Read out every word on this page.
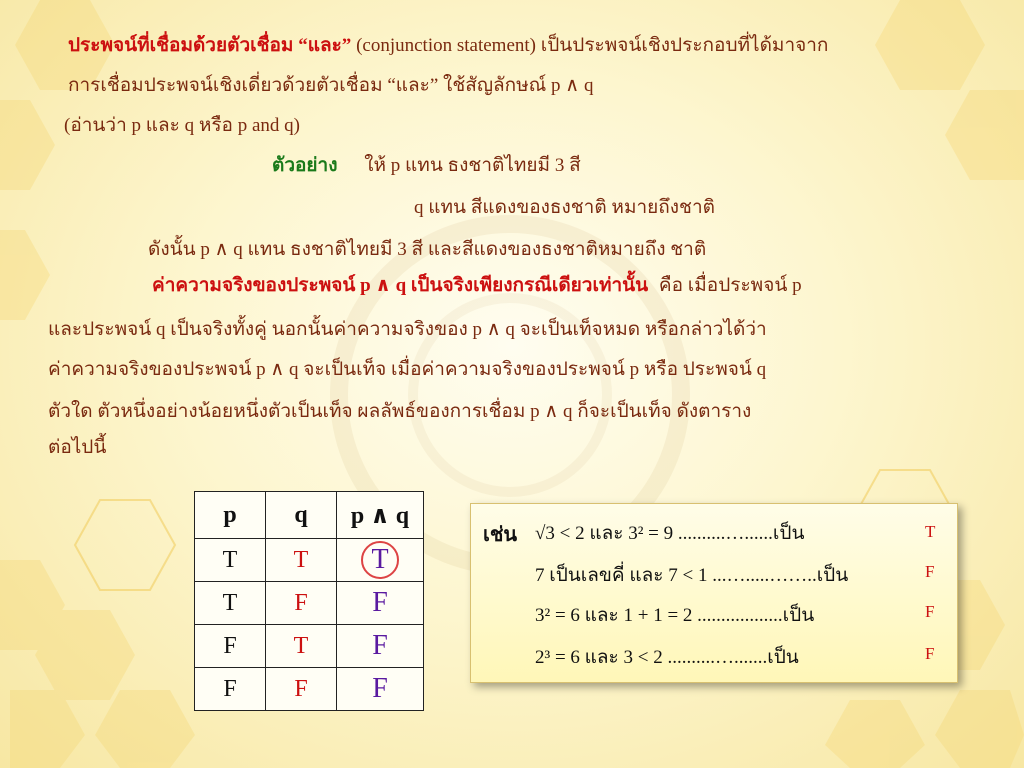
ประพจน์ที่เชื่อมด้วยตัวเชื่อม “และ” (conjunction statement) เป็นประพจน์เชิงประกอบที่ได้มาจาก
การเชื่อมประพจน์เชิงเดี่ยวด้วยตัวเชื่อม “และ” ใช้สัญลักษณ์ p ∧ q
(อ่านว่า p และ q หรือ p and q)
ตัวอย่าง ให้ p แทน ธงชาติไทยมี 3 สี
q แทน สีแดงของธงชาติ หมายถึงชาติ
ดังนั้น p ∧ q แทน ธงชาติไทยมี 3 สี และสีแดงของธงชาติหมายถึง ชาติ
ค่าความจริงของประพจน์ p ∧ q เป็นจริงเพียงกรณีเดียวเท่านั้น คือ เมื่อประพจน์ p
และประพจน์ q เป็นจริงทั้งคู่ นอกนั้นค่าความจริงของ p ∧ q จะเป็นเท็จหมด หรือกล่าวได้ว่า
ค่าความจริงของประพจน์ p ∧ q จะเป็นเท็จ เมื่อค่าความจริงของประพจน์ p หรือ ประพจน์ q
ตัวใด ตัวหนึ่งอย่างน้อยหนึ่งตัวเป็นเท็จ ผลลัพธ์ของการเชื่อม p ∧ q ก็จะเป็นเท็จ ดังตาราง
ต่อไปนี้
p	q	p ∧ q
T	T	T
T	F	F
F	T	F
F	F	F
เช่น √3 < 2 และ 3² = 9 ..........…......เป็น	T
7 เป็นเลขคี่ และ 7 < 1 ...….....……..เป็น	F
3² = 6 และ 1 + 1 = 2 ..................เป็น	F
2³ = 6 และ 3 < 2 ..........….......เป็น	F
